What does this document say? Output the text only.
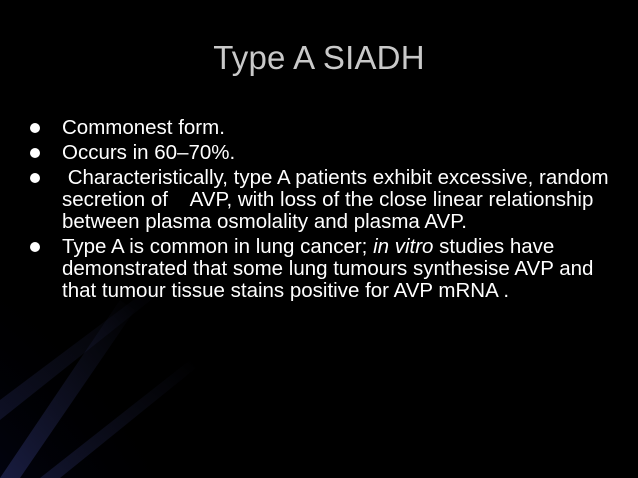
Type A SIADH
Commonest form.
Occurs in 60–70%.
Characteristically, type A patients exhibit excessive, random secretion of    AVP, with loss of the close linear relationship between plasma osmolality and plasma AVP.
Type A is common in lung cancer; in vitro studies have demonstrated that some lung tumours synthesise AVP and that tumour tissue stains positive for AVP mRNA .
